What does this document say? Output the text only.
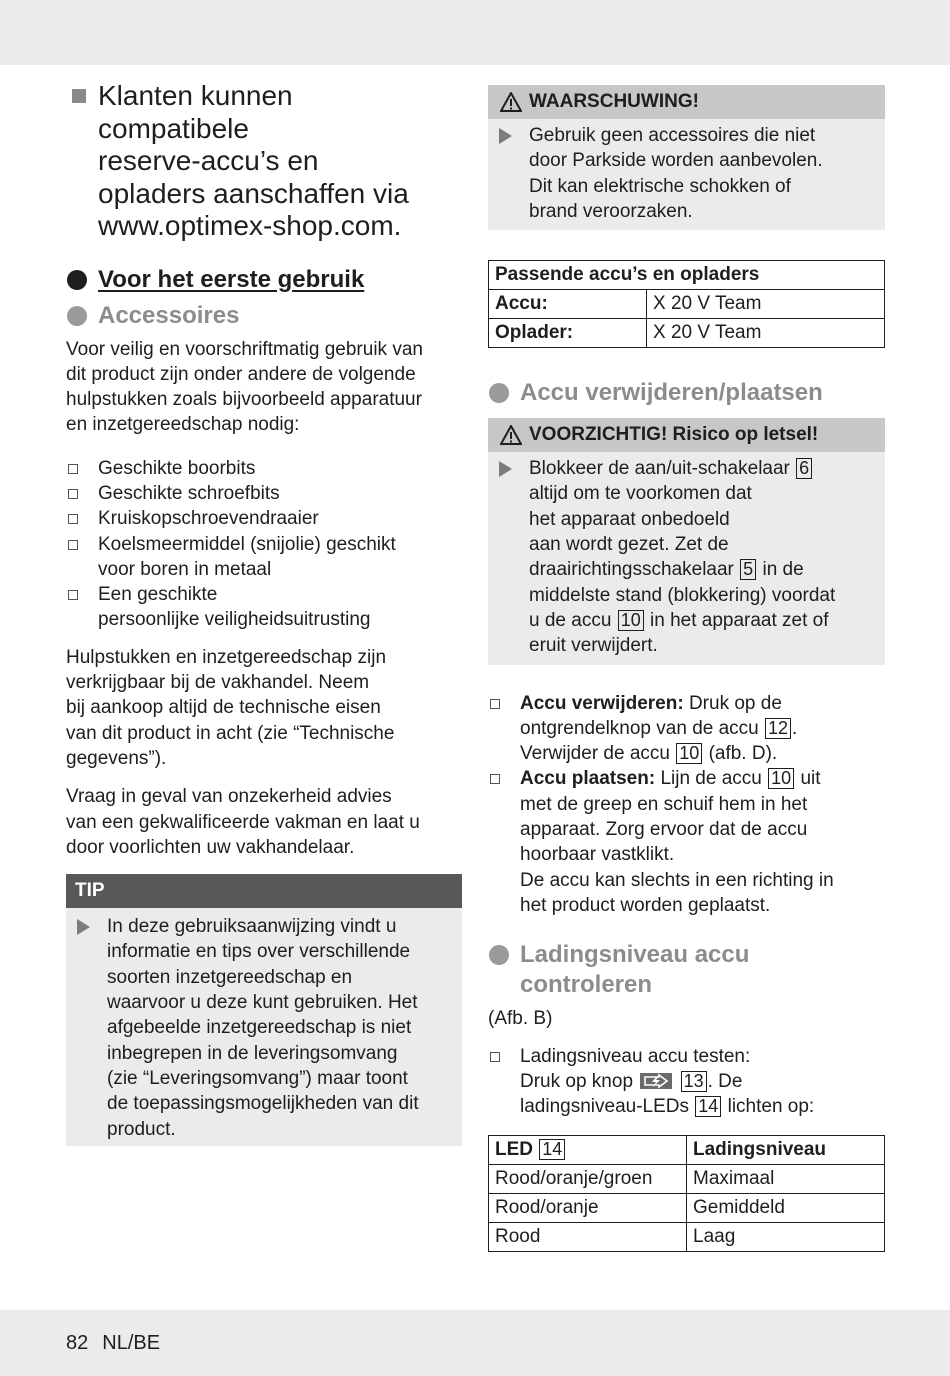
Klanten kunnen
compatibele
reserve-accu’s en
opladers aanschaffen via
www.optimex-shop.com.
Voor het eerste gebruik
Accessoires

Voor veilig en voorschriftmatig gebruik van
dit product zijn onder andere de volgende
hulpstukken zoals bijvoorbeeld apparatuur
en inzetgereedschap nodig:

Geschikte boorbits
Geschikte schroefbits
Kruiskopschroevendraaier
Koelsmeermiddel (snijolie) geschikt
voor boren in metaal
Een geschikte
persoonlijke veiligheidsuitrusting

Hulpstukken en inzetgereedschap zijn
verkrijgbaar bij de vakhandel. Neem
bij aankoop altijd de technische eisen
van dit product in acht (zie “Technische
gegevens”).

Vraag in geval van onzekerheid advies
van een gekwalificeerde vakman en laat u
door voorlichten uw vakhandelaar.

TIP
In deze gebruiksaanwijzing vindt u
informatie en tips over verschillende
soorten inzetgereedschap en
waarvoor u deze kunt gebruiken. Het
afgebeelde inzetgereedschap is niet
inbegrepen in de leveringsomvang
(zie “Leveringsomvang”) maar toont
de toepassingsmogelijkheden van dit
product.
WAARSCHUWING!
Gebruik geen accessoires die niet
door Parkside worden aanbevolen.
Dit kan elektrische schokken of
brand veroorzaken.
Passende accu’s en opladers	
Accu:	X 20 V Team
Oplader:	X 20 V Team
Accu verwijderen/plaatsen
VOORZICHTIG! Risico op letsel!
Blokkeer de aan/uit-schakelaar 6
altijd om te voorkomen dat
het apparaat onbedoeld
aan wordt gezet. Zet de
draairichtingsschakelaar 5 in de
middelste stand (blokkering) voordat
u de accu 10 in het apparaat zet of
eruit verwijdert.
Accu verwijderen: Druk op de
ontgrendelknop van de accu 12 .
Verwijder de accu 10 (afb. D).
Accu plaatsen: Lijn de accu 10 uit
met de greep en schuif hem in het
apparaat. Zorg ervoor dat de accu
hoorbaar vastklikt.
De accu kan slechts in een richting in
het product worden geplaatst.
Ladingsniveau accu
controleren

(Afb. B)

Ladingsniveau accu testen:
Druk op knop	13 . De
ladingsniveau-LEDs 14 lichten op:
LED 14	Ladingsniveau
Rood/oranje/groen	Maximaal
Rood/oranje	Gemiddeld
Rood	Laag
82 NL/BE
